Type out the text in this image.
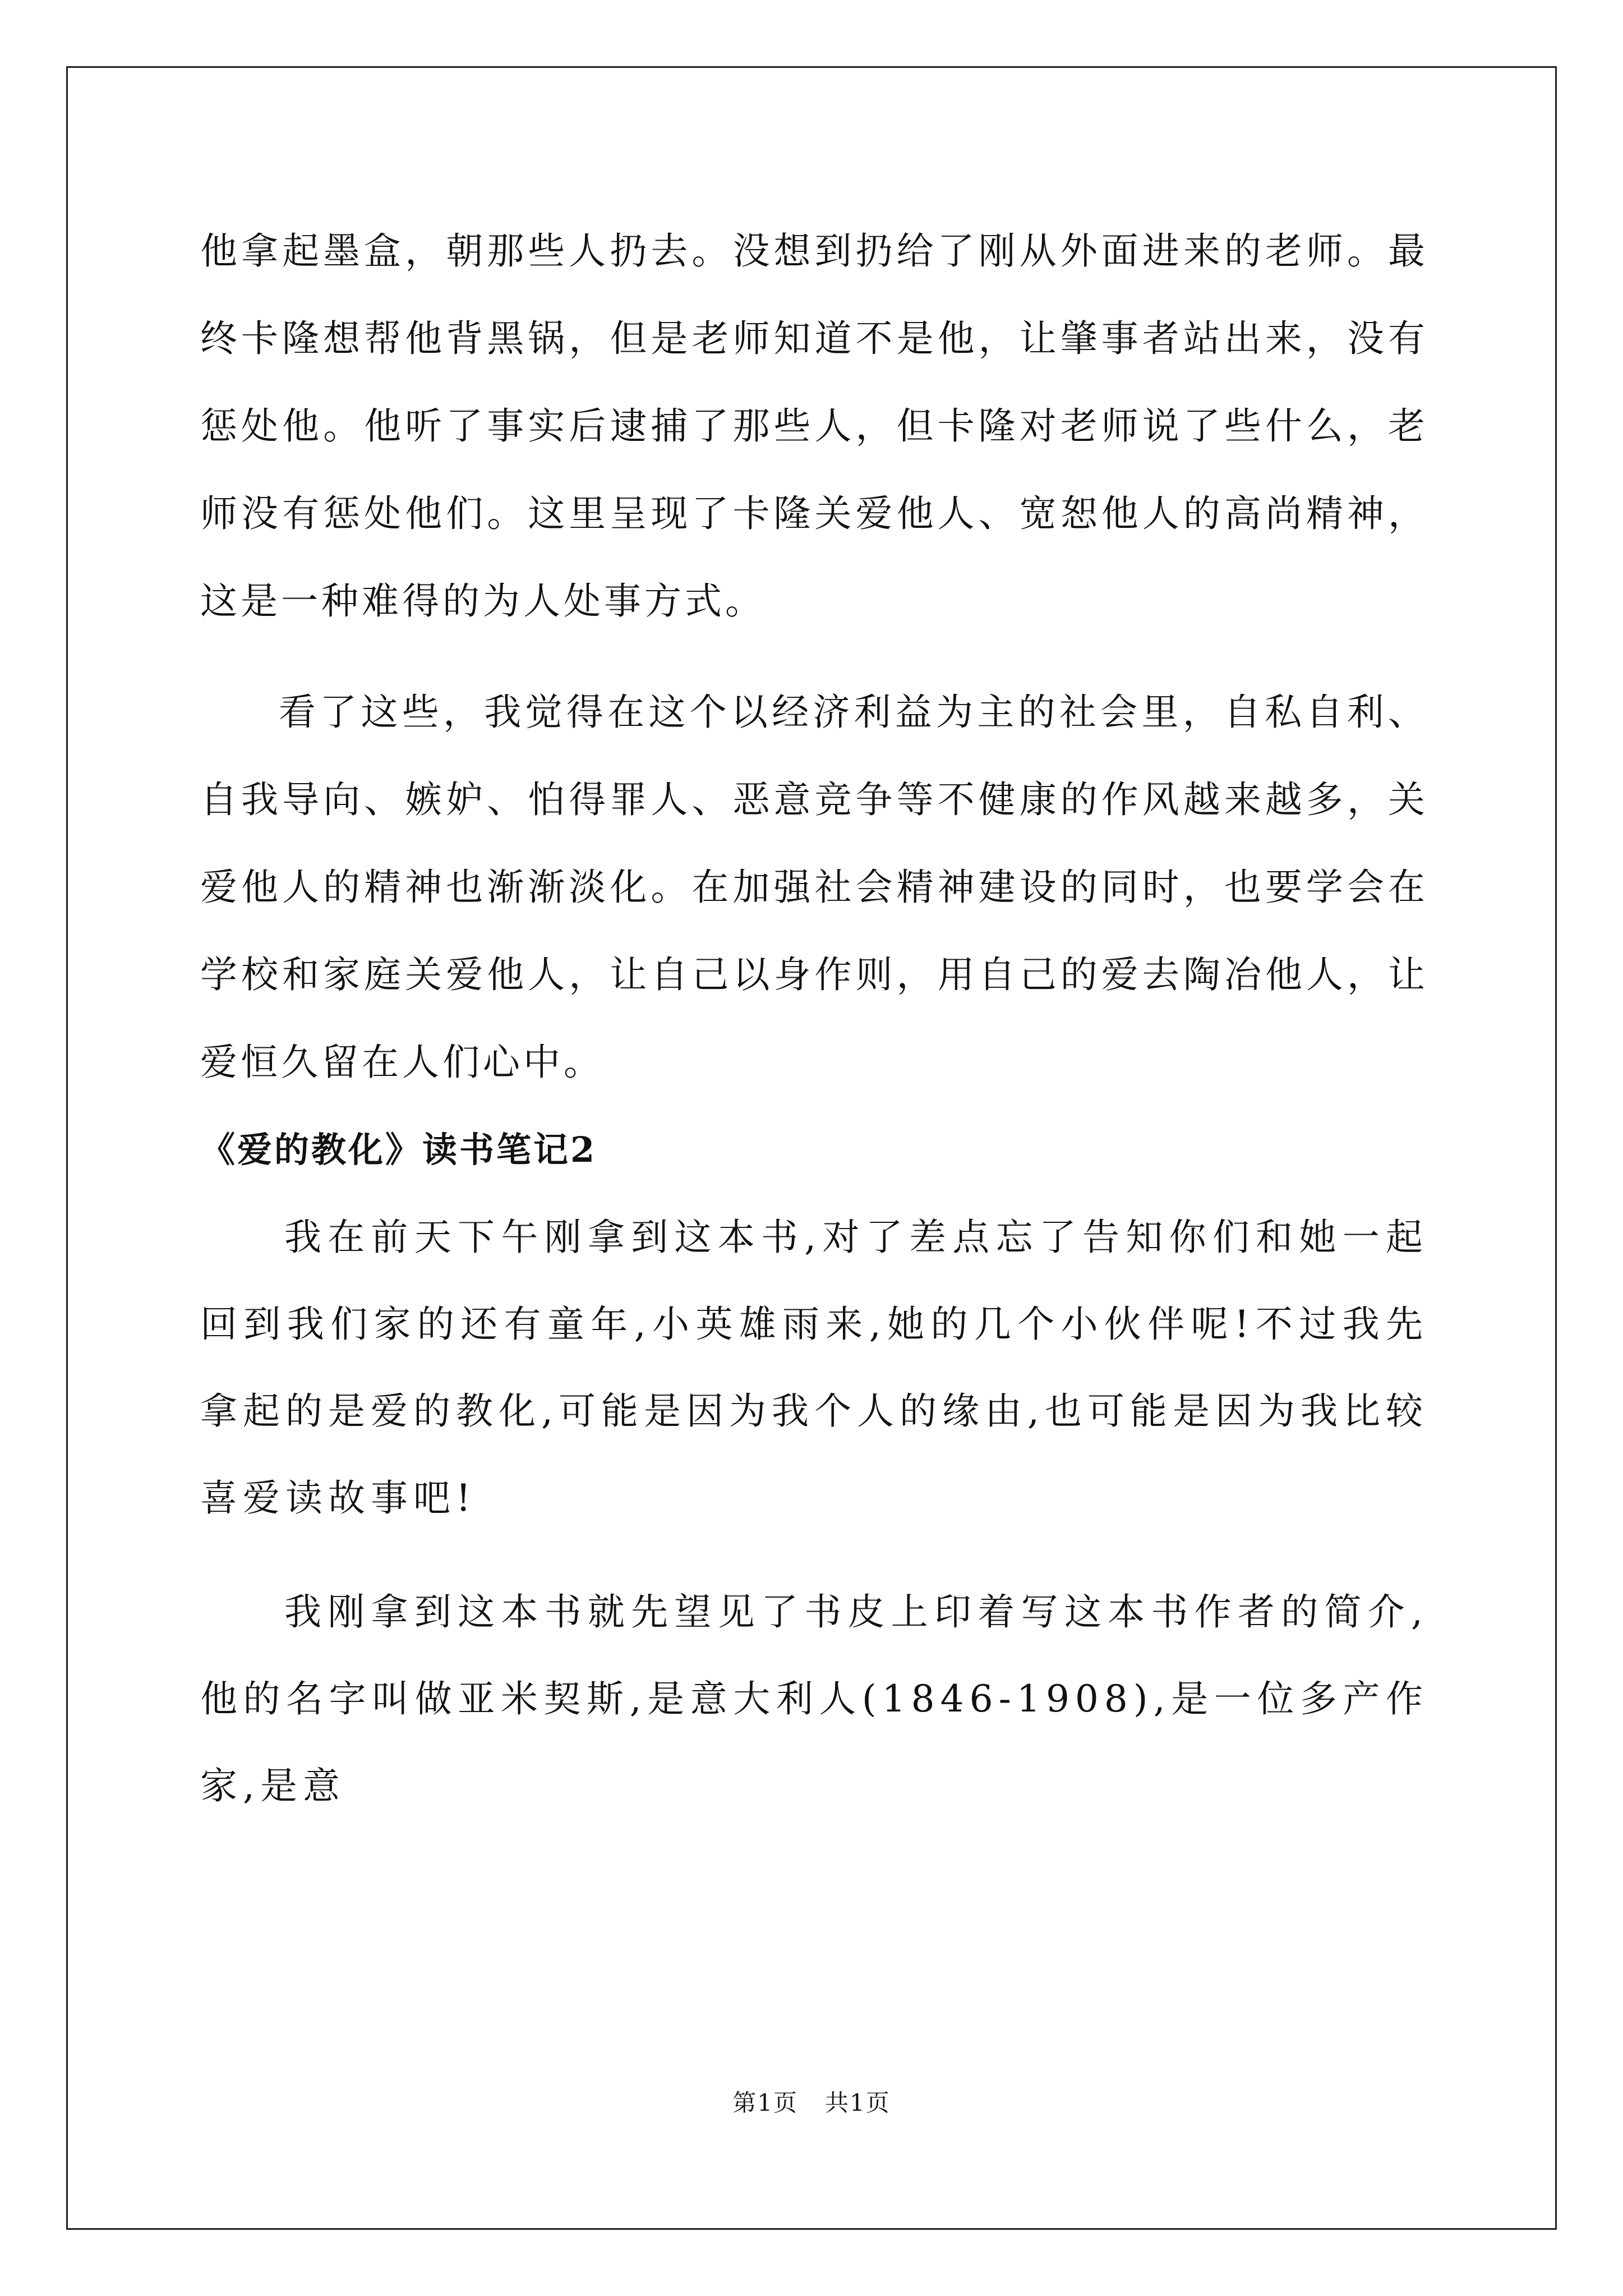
他拿起墨盒，朝那些人扔去。没想到扔给了刚从外面进来的老师。最终卡隆想帮他背黑锅，但是老师知道不是他，让肇事者站出来，没有惩处他。他听了事实后逮捕了那些人，但卡隆对老师说了些什么，老师没有惩处他们。这里呈现了卡隆关爱他人、宽恕他人的高尚精神，这是一种难得的为人处事方式。

看了这些，我觉得在这个以经济利益为主的社会里，自私自利、自我导向、嫉妒、怕得罪人、恶意竞争等不健康的作风越来越多，关爱他人的精神也渐渐淡化。在加强社会精神建设的同时，也要学会在学校和家庭关爱他人，让自己以身作则，用自己的爱去陶冶他人，让爱恒久留在人们心中。

《爱的教化》读书笔记2

我在前天下午刚拿到这本书,对了差点忘了告知你们和她一起回到我们家的还有童年,小英雄雨来,她的几个小伙伴呢!不过我先拿起的是爱的教化,可能是因为我个人的缘由,也可能是因为我比较喜爱读故事吧!

我刚拿到这本书就先望见了书皮上印着写这本书作者的简介,他的名字叫做亚米契斯,是意大利人(1846-1908),是一位多产作家,是意

第1页 共1页
